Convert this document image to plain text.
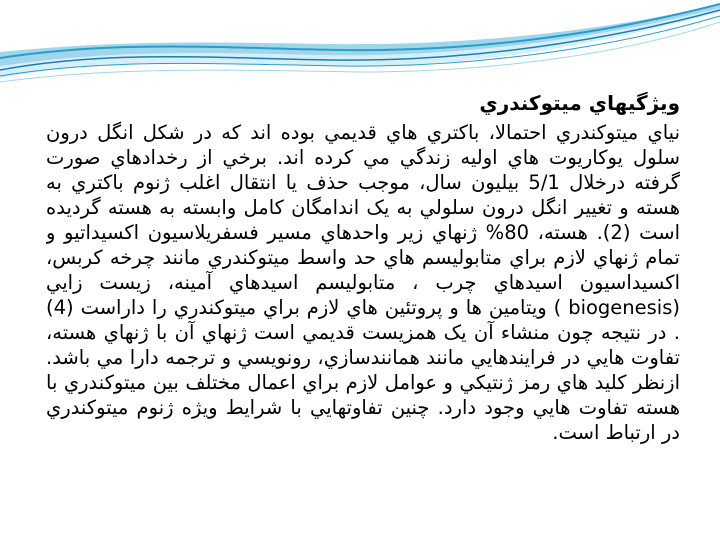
ويژگيهاي ميتوکندري

نياي ميتوکندري احتمالا، باکتري هاي قديمي بوده اند که در شکل انگل درون سلول يوکاريوت هاي اوليه زندگي مي کرده اند. برخي از رخدادهاي صورت گرفته درخلال 5/1 بيليون سال، موجب حذف يا انتقال اغلب ژنوم باکتري به هسته و تغيير انگل درون سلولي به يک اندامگان کامل وابسته به هسته گرديده است (2). هسته، 80% ژنهاي زير واحدهاي مسير فسفريلاسيون اکسيداتيو و تمام ژنهاي لازم براي متابوليسم هاي حد واسط ميتوکندري مانند چرخه کربس، اکسيداسيون اسيدهاي چرب ، متابوليسم اسيدهاي آمينه، زيست زايي (biogenesis ) ويتامين ها و پروتئين هاي لازم براي ميتوکندري را داراست (4) . در نتيجه چون منشاء آن يک همزيست قديمي است ژنهاي آن با ژنهاي هسته، تفاوت هايي در فرايندهايي مانند همانندسازي، رونويسي و ترجمه دارا مي باشد. ازنظر کليد هاي رمز ژنتيکي و عوامل لازم براي اعمال مختلف بين ميتوکندري با هسته تفاوت هايي وجود دارد. چنين تفاوتهايي با شرايط ويژه ژنوم ميتوکندري در ارتباط است.
